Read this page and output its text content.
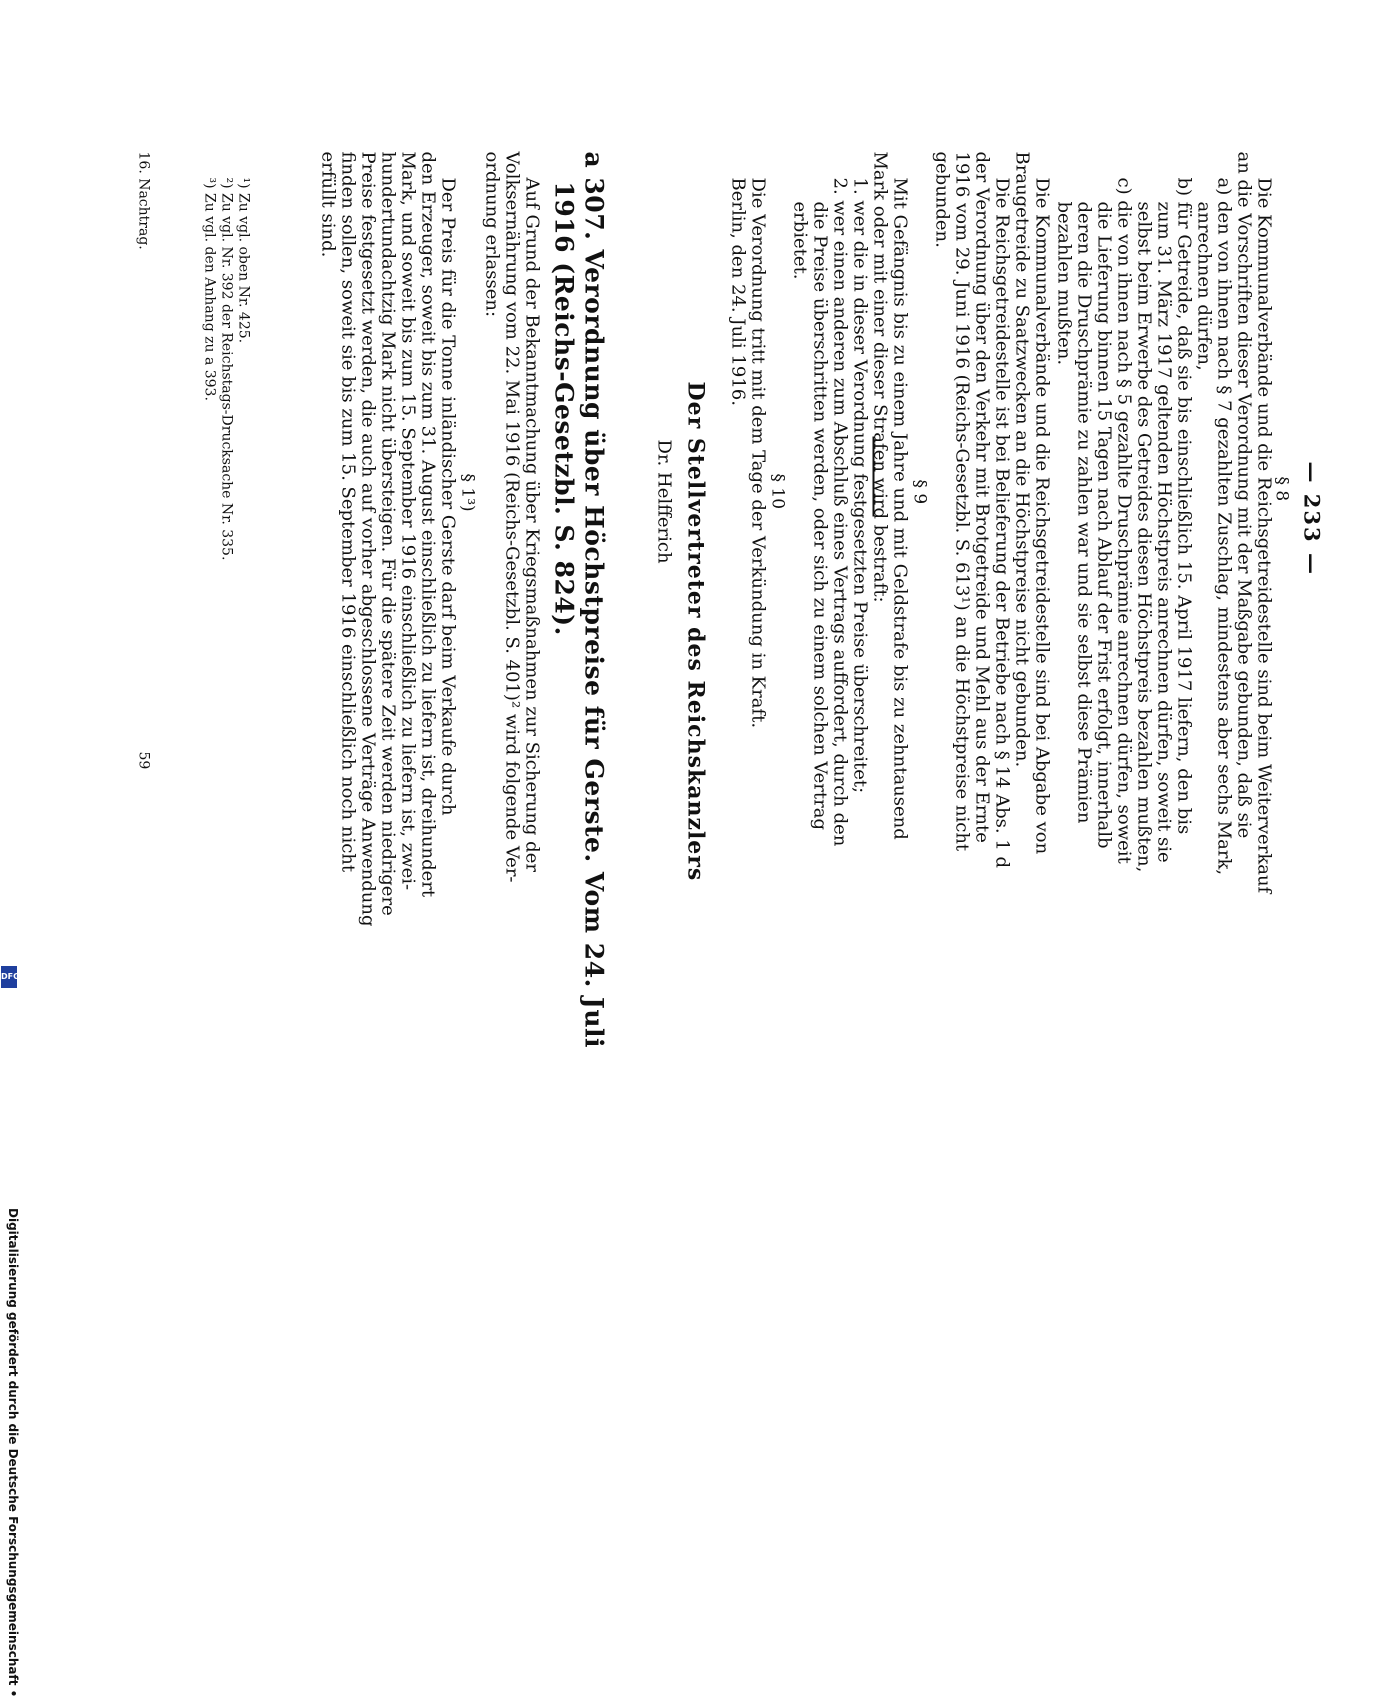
— 233 —
§ 8
Die Kommunalverbände und die Reichsgetreidestelle sind beim Weiterverkauf
an die Vorschriften dieser Verordnung mit der Maßgabe gebunden, daß sie
a) den von ihnen nach § 7 gezahlten Zuschlag, mindestens aber sechs Mark,
anrechnen dürfen,
b) für Getreide, daß sie bis einschließlich 15. April 1917 liefern, den bis
zum 31. März 1917 geltenden Höchstpreis anrechnen dürfen, soweit sie
selbst beim Erwerbe des Getreides diesen Höchstpreis bezahlen mußten,
c) die von ihnen nach § 5 gezahlte Druschprämie anrechnen dürfen, soweit
die Lieferung binnen 15 Tagen nach Ablauf der Frist erfolgt, innerhalb
deren die Druschprämie zu zahlen war und sie selbst diese Prämien
bezahlen mußten.
Die Kommunalverbände und die Reichsgetreidestelle sind bei Abgabe von
Braugetreide zu Saatzwecken an die Höchstpreise nicht gebunden.
Die Reichsgetreidestelle ist bei Belieferung der Betriebe nach § 14 Abs. 1 d
der Verordnung über den Verkehr mit Brotgetreide und Mehl aus der Ernte
1916 vom 29. Juni 1916 (Reichs-Gesetzbl. S. 613¹) an die Höchstpreise nicht
gebunden.
§ 9
Mit Gefängnis bis zu einem Jahre und mit Geldstrafe bis zu zehntausend
Mark oder mit einer dieser Strafen wird bestraft:
1. wer die in dieser Verordnung festgesetzten Preise überschreitet;
2. wer einen anderen zum Abschluß eines Vertrags auffordert, durch den
die Preise überschritten werden, oder sich zu einem solchen Vertrag
erbietet.
§ 10
Die Verordnung tritt mit dem Tage der Verkündung in Kraft.
Berlin, den 24. Juli 1916.
Der Stellvertreter des Reichskanzlers
Dr. Helfferich
a 307. Verordnung über Höchstpreise für Gerste. Vom 24. Juli
1916 (Reichs-Gesetzbl. S. 824).
Auf Grund der Bekanntmachung über Kriegsmaßnahmen zur Sicherung der
Volksernährung vom 22. Mai 1916 (Reichs-Gesetzbl. S. 401)² wird folgende Ver-
ordnung erlassen:
§ 1³)
Der Preis für die Tonne inländischer Gerste darf beim Verkaufe durch
den Erzeuger, soweit bis zum 31. August einschließlich zu liefern ist, dreihundert
Mark, und soweit bis zum 15. September 1916 einschließlich zu liefern ist, zwei-
hundertundachtzig Mark nicht übersteigen. Für die spätere Zeit werden niedrigere
Preise festgesetzt werden, die auch auf vorher abgeschlossene Verträge Anwendung
finden sollen, soweit sie bis zum 15. September 1916 einschließlich noch nicht
erfüllt sind.
¹) Zu vgl. oben Nr. 425.
²) Zu vgl. Nr. 392 der Reichstags-Drucksache Nr. 335.
³) Zu vgl. den Anhang zu a 393.
16. Nachtrag.
59
Digitalisierung gefördert durch die Deutsche Forschungsgemeinschaft •
DFG
